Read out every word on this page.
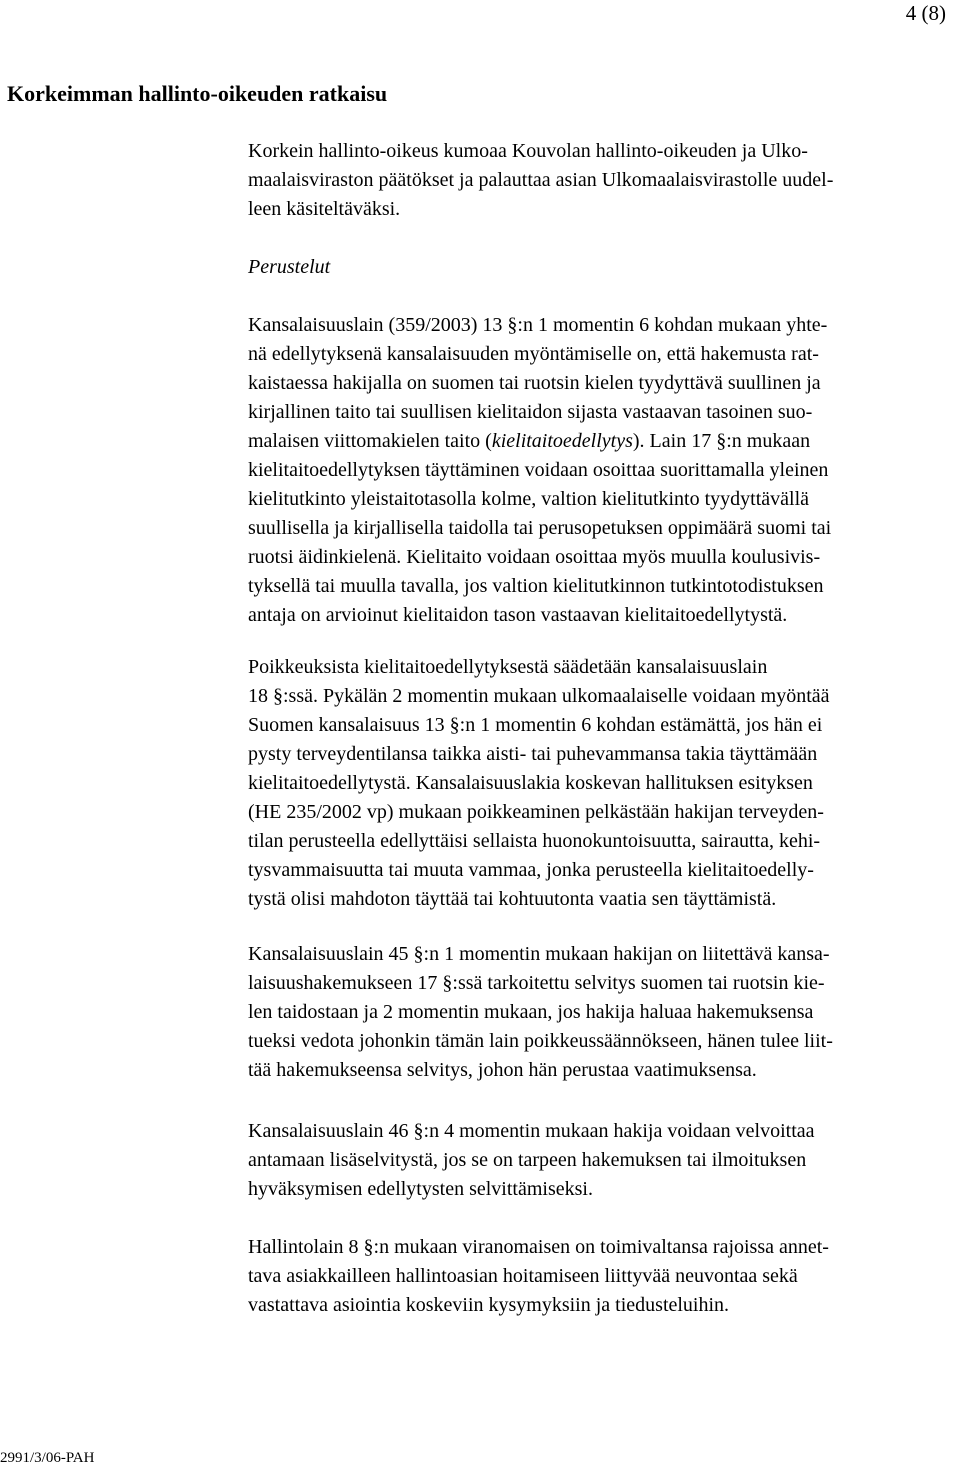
4 (8)
Korkeimman hallinto-oikeuden ratkaisu

Korkein hallinto-oikeus kumoaa Kouvolan hallinto-oikeuden ja Ulko-
maalaisviraston päätökset ja palauttaa asian Ulkomaalaisvirastolle uudel-
leen käsiteltäväksi.

Perustelut

Kansalaisuuslain (359/2003) 13 §:n 1 momentin 6 kohdan mukaan yhte-
nä edellytyksenä kansalaisuuden myöntämiselle on, että hakemusta rat-
kaistaessa hakijalla on suomen tai ruotsin kielen tyydyttävä suullinen ja
kirjallinen taito tai suullisen kielitaidon sijasta vastaavan tasoinen suo-
malaisen viittomakielen taito (kielitaitoedellytys). Lain 17 §:n mukaan
kielitaitoedellytyksen täyttäminen voidaan osoittaa suorittamalla yleinen
kielitutkinto yleistaitotasolla kolme, valtion kielitutkinto tyydyttävällä
suullisella ja kirjallisella taidolla tai perusopetuksen oppimäärä suomi tai
ruotsi äidinkielenä. Kielitaito voidaan osoittaa myös muulla koulusivis-
tyksellä tai muulla tavalla, jos valtion kielitutkinnon tutkintotodistuksen
antaja on arvioinut kielitaidon tason vastaavan kielitaitoedellytystä.

Poikkeuksista kielitaitoedellytyksestä säädetään kansalaisuuslain
18 §:ssä. Pykälän 2 momentin mukaan ulkomaalaiselle voidaan myöntää
Suomen kansalaisuus 13 §:n 1 momentin 6 kohdan estämättä, jos hän ei
pysty terveydentilansa taikka aisti- tai puhevammansa takia täyttämään
kielitaitoedellytystä. Kansalaisuuslakia koskevan hallituksen esityksen
(HE 235/2002 vp) mukaan poikkeaminen pelkästään hakijan terveyden-
tilan perusteella edellyttäisi sellaista huonokuntoisuutta, sairautta, kehi-
tysvammaisuutta tai muuta vammaa, jonka perusteella kielitaitoedelly-
tystä olisi mahdoton täyttää tai kohtuutonta vaatia sen täyttämistä.

Kansalaisuuslain 45 §:n 1 momentin mukaan hakijan on liitettävä kansa-
laisuushakemukseen 17 §:ssä tarkoitettu selvitys suomen tai ruotsin kie-
len taidostaan ja 2 momentin mukaan, jos hakija haluaa hakemuksensa
tueksi vedota johonkin tämän lain poikkeussäännökseen, hänen tulee liit-
tää hakemukseensa selvitys, johon hän perustaa vaatimuksensa.

Kansalaisuuslain 46 §:n 4 momentin mukaan hakija voidaan velvoittaa
antamaan lisäselvitystä, jos se on tarpeen hakemuksen tai ilmoituksen
hyväksymisen edellytysten selvittämiseksi.

Hallintolain 8 §:n mukaan viranomaisen on toimivaltansa rajoissa annet-
tava asiakkailleen hallintoasian hoitamiseen liittyvää neuvontaa sekä
vastattava asiointia koskeviin kysymyksiin ja tiedusteluihin.

2991/3/06-PAH
